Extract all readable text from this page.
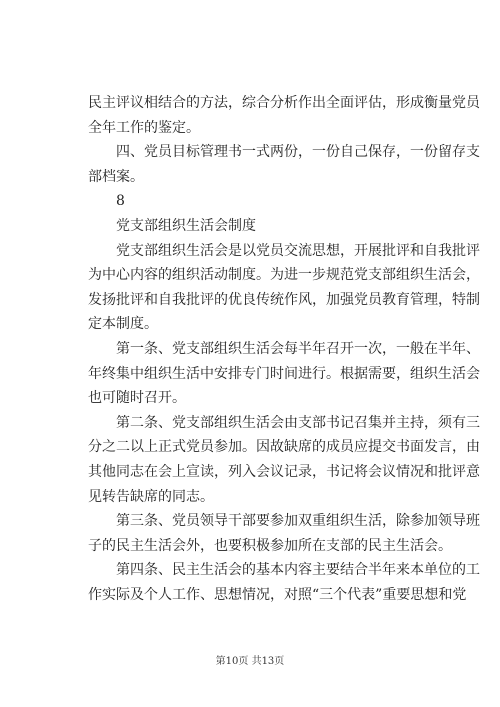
民主评议相结合的方法，综合分析作出全面评估，形成衡量党员
全年工作的鉴定。
四、党员目标管理书一式两份，一份自己保存，一份留存支
部档案。
8
党支部组织生活会制度
党支部组织生活会是以党员交流思想，开展批评和自我批评
为中心内容的组织活动制度。为进一步规范党支部组织生活会，
发扬批评和自我批评的优良传统作风，加强党员教育管理，特制
定本制度。
第一条、党支部组织生活会每半年召开一次，一般在半年、
年终集中组织生活中安排专门时间进行。根据需要，组织生活会
也可随时召开。
第二条、党支部组织生活会由支部书记召集并主持，须有三
分之二以上正式党员参加。因故缺席的成员应提交书面发言，由
其他同志在会上宣读，列入会议记录，书记将会议情况和批评意
见转告缺席的同志。
第三条、党员领导干部要参加双重组织生活，除参加领导班
子的民主生活会外，也要积极参加所在支部的民主生活会。
第四条、民主生活会的基本内容主要结合半年来本单位的工
作实际及个人工作、思想情况，对照“三个代表”重要思想和党
第10页 共13页
